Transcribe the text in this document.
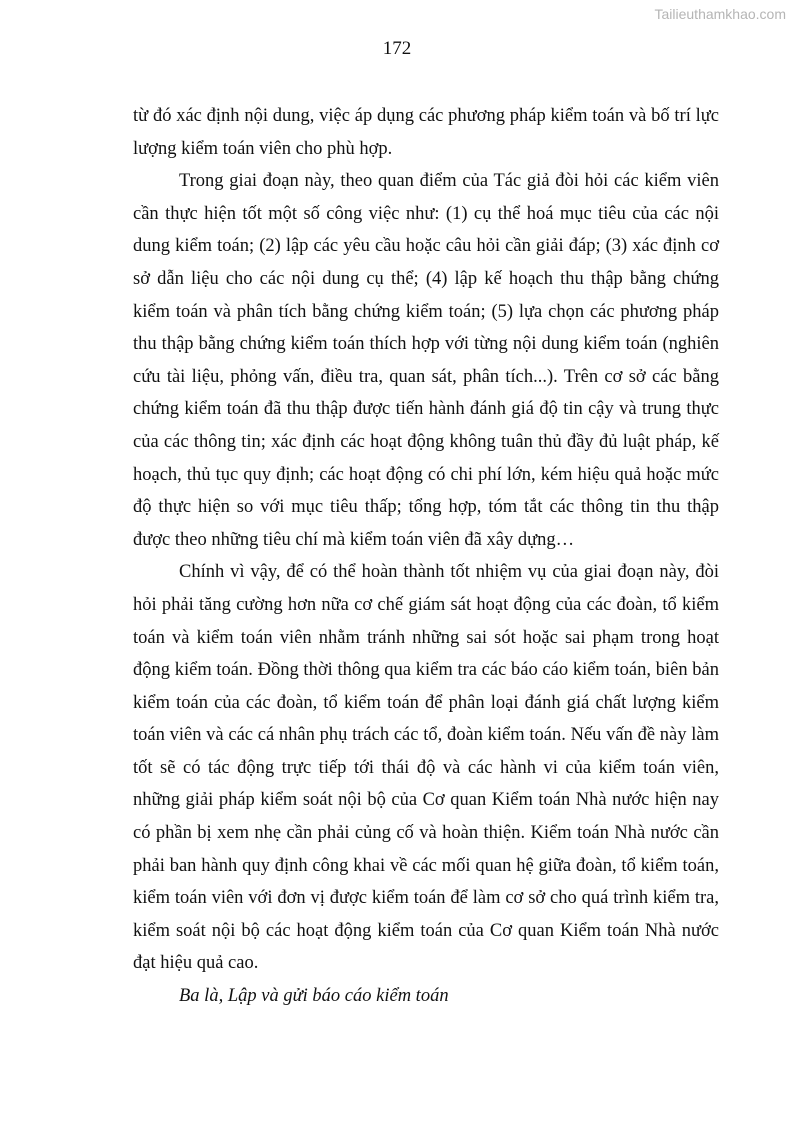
Tailieuthamkhao.com
172

từ đó xác định nội dung, việc áp dụng các phương pháp kiểm toán và bố trí lực lượng kiểm toán viên cho phù hợp.

Trong giai đoạn này, theo quan điểm của Tác giả đòi hỏi các kiểm viên cần thực hiện tốt một số công việc như: (1) cụ thể hoá mục tiêu của các nội dung kiểm toán; (2) lập các yêu cầu hoặc câu hỏi cần giải đáp; (3) xác định cơ sở dẫn liệu cho các nội dung cụ thể; (4) lập kế hoạch thu thập bằng chứng kiểm toán và phân tích bằng chứng kiểm toán; (5) lựa chọn các phương pháp thu thập bằng chứng kiểm toán thích hợp với từng nội dung kiểm toán (nghiên cứu tài liệu, phỏng vấn, điều tra, quan sát, phân tích...). Trên cơ sở các bằng chứng kiểm toán đã thu thập được tiến hành đánh giá độ tin cậy và trung thực của các thông tin; xác định các hoạt động không tuân thủ đầy đủ luật pháp, kế hoạch, thủ tục quy định; các hoạt động có chi phí lớn, kém hiệu quả hoặc mức độ thực hiện so với mục tiêu thấp; tổng hợp, tóm tắt các thông tin thu thập được theo những tiêu chí mà kiểm toán viên đã xây dựng…

Chính vì vậy, để có thể hoàn thành tốt nhiệm vụ của giai đoạn này, đòi hỏi phải tăng cường hơn nữa cơ chế giám sát hoạt động của các đoàn, tổ kiểm toán và kiểm toán viên nhằm tránh những sai sót hoặc sai phạm trong hoạt động kiểm toán. Đồng thời thông qua kiểm tra các báo cáo kiểm toán, biên bản kiểm toán của các đoàn, tổ kiểm toán để phân loại đánh giá chất lượng kiểm toán viên và các cá nhân phụ trách các tổ, đoàn kiểm toán. Nếu vấn đề này làm tốt sẽ có tác động trực tiếp tới thái độ và các hành vi của kiểm toán viên, những giải pháp kiểm soát nội bộ của Cơ quan Kiểm toán Nhà nước hiện nay có phần bị xem nhẹ cần phải củng cố và hoàn thiện. Kiểm toán Nhà nước cần phải ban hành quy định công khai về các mối quan hệ giữa đoàn, tổ kiểm toán, kiểm toán viên với đơn vị được kiểm toán để làm cơ sở cho quá trình kiểm tra, kiểm soát nội bộ các hoạt động kiểm toán của Cơ quan Kiểm toán Nhà nước đạt hiệu quả cao.

Ba là, Lập và gửi báo cáo kiểm toán
